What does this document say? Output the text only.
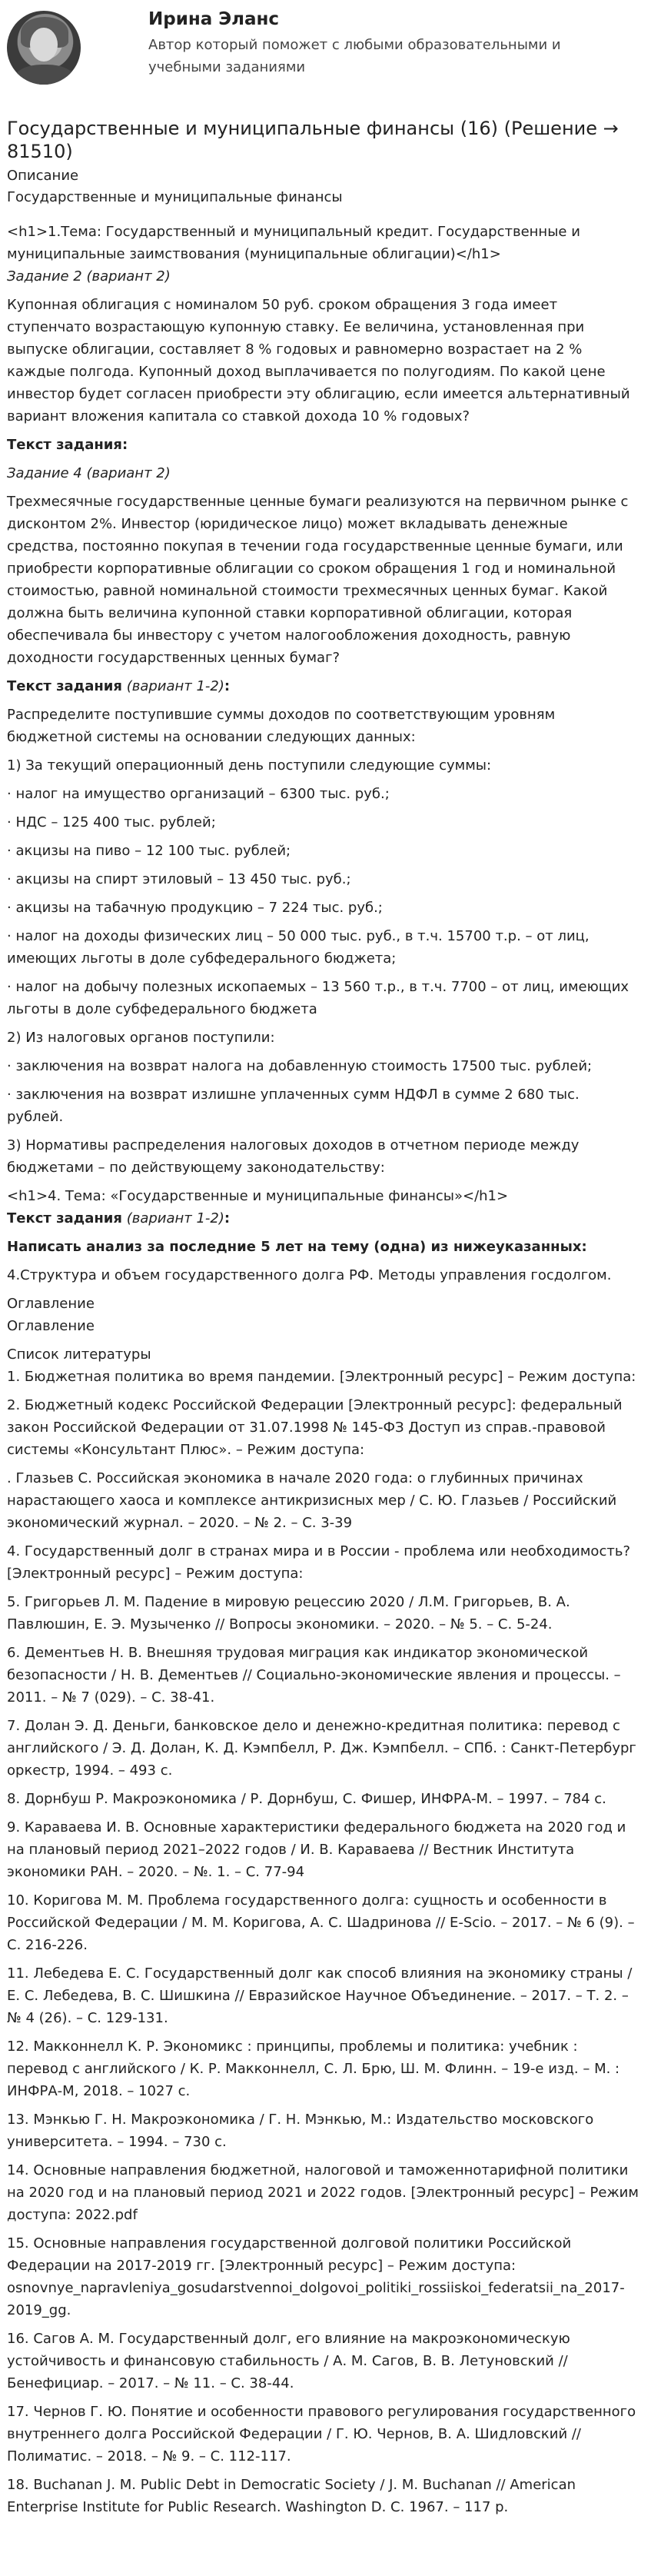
Ирина Эланс
Автор который поможет с любыми образовательными и учебными заданиями
Государственные и муниципальные финансы (16) (Решение → 81510)
Описание
Государственные и муниципальные финансы

<h1>1.Тема: Государственный и муниципальный кредит. Государственные и муниципальные заимствования (муниципальные облигации)</h1>

Задание 2 (вариант 2)

Купонная облигация с номиналом 50 руб. сроком обращения 3 года имеет ступенчато возрастающую купонную ставку. Ее величина, установленная при выпуске облигации, составляет 8 % годовых и равномерно возрастает на 2 % каждые полгода. Купонный доход выплачивается по полугодиям. По какой цене инвестор будет согласен приобрести эту облигацию, если имеется альтернативный вариант вложения капитала со ставкой дохода 10 % годовых?

Текст задания:

Задание 4 (вариант 2)

Трехмесячные государственные ценные бумаги реализуются на первичном рынке с дисконтом 2%. Инвестор (юридическое лицо) может вкладывать денежные средства, постоянно покупая в течении года государственные ценные бумаги, или приобрести корпоративные облигации со сроком обращения 1 год и номинальной стоимостью, равной номинальной стоимости трехмесячных ценных бумаг. Какой должна быть величина купонной ставки корпоративной облигации, которая обеспечивала бы инвестору с учетом налогообложения доходность, равную доходности государственных ценных бумаг?

Текст задания (вариант 1-2):

Распределите поступившие суммы доходов по соответствующим уровням бюджетной системы на основании следующих данных:

1) За текущий операционный день поступили следующие суммы:

· налог на имущество организаций – 6300 тыс. руб.;

· НДС – 125 400 тыс. рублей;

· акцизы на пиво – 12 100 тыс. рублей;

· акцизы на спирт этиловый – 13 450 тыс. руб.;

· акцизы на табачную продукцию – 7 224 тыс. руб.;

· налог на доходы физических лиц – 50 000 тыс. руб., в т.ч. 15700 т.р. – от лиц, имеющих льготы в доле субфедерального бюджета;

· налог на добычу полезных ископаемых – 13 560 т.р., в т.ч. 7700 – от лиц, имеющих льготы в доле субфедерального бюджета

2) Из налоговых органов поступили:

· заключения на возврат налога на добавленную стоимость 17500 тыс. рублей;

· заключения на возврат излишне уплаченных сумм НДФЛ в сумме 2 680 тыс. рублей.

3) Нормативы распределения налоговых доходов в отчетном периоде между бюджетами – по действующему законодательству:

<h1>4. Тема: «Государственные и муниципальные финансы»</h1>

Текст задания (вариант 1-2):

Написать анализ за последние 5 лет на тему (одна) из нижеуказанных:

4.Структура и объем государственного долга РФ. Методы управления госдолгом.

Оглавление
Оглавление
Список литературы

1. Бюджетная политика во время пандемии. [Электронный ресурс] – Режим доступа:

2. Бюджетный кодекс Российской Федерации [Электронный ресурс]: федеральный закон Российской Федерации от 31.07.1998 № 145-ФЗ Доступ из справ.-правовой системы «Консультант Плюс». – Режим доступа:

. Глазьев С. Российская экономика в начале 2020 года: о глубинных причинах нарастающего хаоса и комплексе антикризисных мер / С. Ю. Глазьев / Российский экономический журнал. – 2020. – № 2. – С. 3-39

4. Государственный долг в странах мира и в России - проблема или необходимость? [Электронный ресурс] – Режим доступа:

5. Григорьев Л. М. Падение в мировую рецессию 2020 / Л.М. Григорьев, В. А. Павлюшин, Е. Э. Музыченко // Вопросы экономики. – 2020. – № 5. – С. 5-24.

6. Дементьев Н. В. Внешняя трудовая миграция как индикатор экономической безопасности / Н. В. Дементьев // Социально-экономические явления и процессы. – 2011. – № 7 (029). – С. 38-41.

7. Долан Э. Д. Деньги, банковское дело и денежно-кредитная политика: перевод с английского / Э. Д. Долан, К. Д. Кэмпбелл, Р. Дж. Кэмпбелл. – СПб. : Санкт-Петербург оркестр, 1994. – 493 с.

8. Дорнбуш Р. Макроэкономика / Р. Дорнбуш, С. Фишер, ИНФРА-М. – 1997. – 784 с.

9. Караваева И. В. Основные характеристики федерального бюджета на 2020 год и на плановый период 2021–2022 годов / И. В. Караваева // Вестник Института экономики РАН. – 2020. – №. 1. – С. 77-94

10. Коригова М. М. Проблема государственного долга: сущность и особенности в Российской Федерации / М. М. Коригова, А. С. Шадринова // E-Scio. – 2017. – № 6 (9). – С. 216-226.

11. Лебедева Е. С. Государственный долг как способ влияния на экономику страны / Е. С. Лебедева, В. С. Шишкина // Евразийское Научное Объединение. – 2017. – Т. 2. – № 4 (26). – С. 129-131.

12. Макконнелл К. Р. Экономикс : принципы, проблемы и политика: учебник : перевод с английского / К. Р. Макконнелл, С. Л. Брю, Ш. М. Флинн. – 19-е изд. – М. : ИНФРА-М, 2018. – 1027 с.

13. Мэнкью Г. Н. Макроэкономика / Г. Н. Мэнкью, М.: Издательство московского университета. – 1994. – 730 с.

14. Основные направления бюджетной, налоговой и таможеннотарифной политики на 2020 год и на плановый период 2021 и 2022 годов. [Электронный ресурс] – Режим доступа: 2022.pdf

15. Основные направления государственной долговой политики Российской Федерации на 2017-2019 гг. [Электронный ресурс] – Режим доступа: osnovnye_napravleniya_gosudarstvennoi_dolgovoi_politiki_rossiiskoi_federatsii_na_2017-2019_gg.

16. Сагов А. М. Государственный долг, его влияние на макроэкономическую устойчивость и финансовую стабильность / А. М. Сагов, В. В. Летуновский // Бенефициар. – 2017. – № 11. – С. 38-44.

17. Чернов Г. Ю. Понятие и особенности правового регулирования государственного внутреннего долга Российской Федерации / Г. Ю. Чернов, В. А. Шидловский // Полиматис. – 2018. – № 9. – С. 112-117.

18. Buchanan J. M. Public Debt in Democratic Society / J. M. Buchanan // American Enterprise Institute for Public Research. Washington D. C. 1967. – 117 p.
